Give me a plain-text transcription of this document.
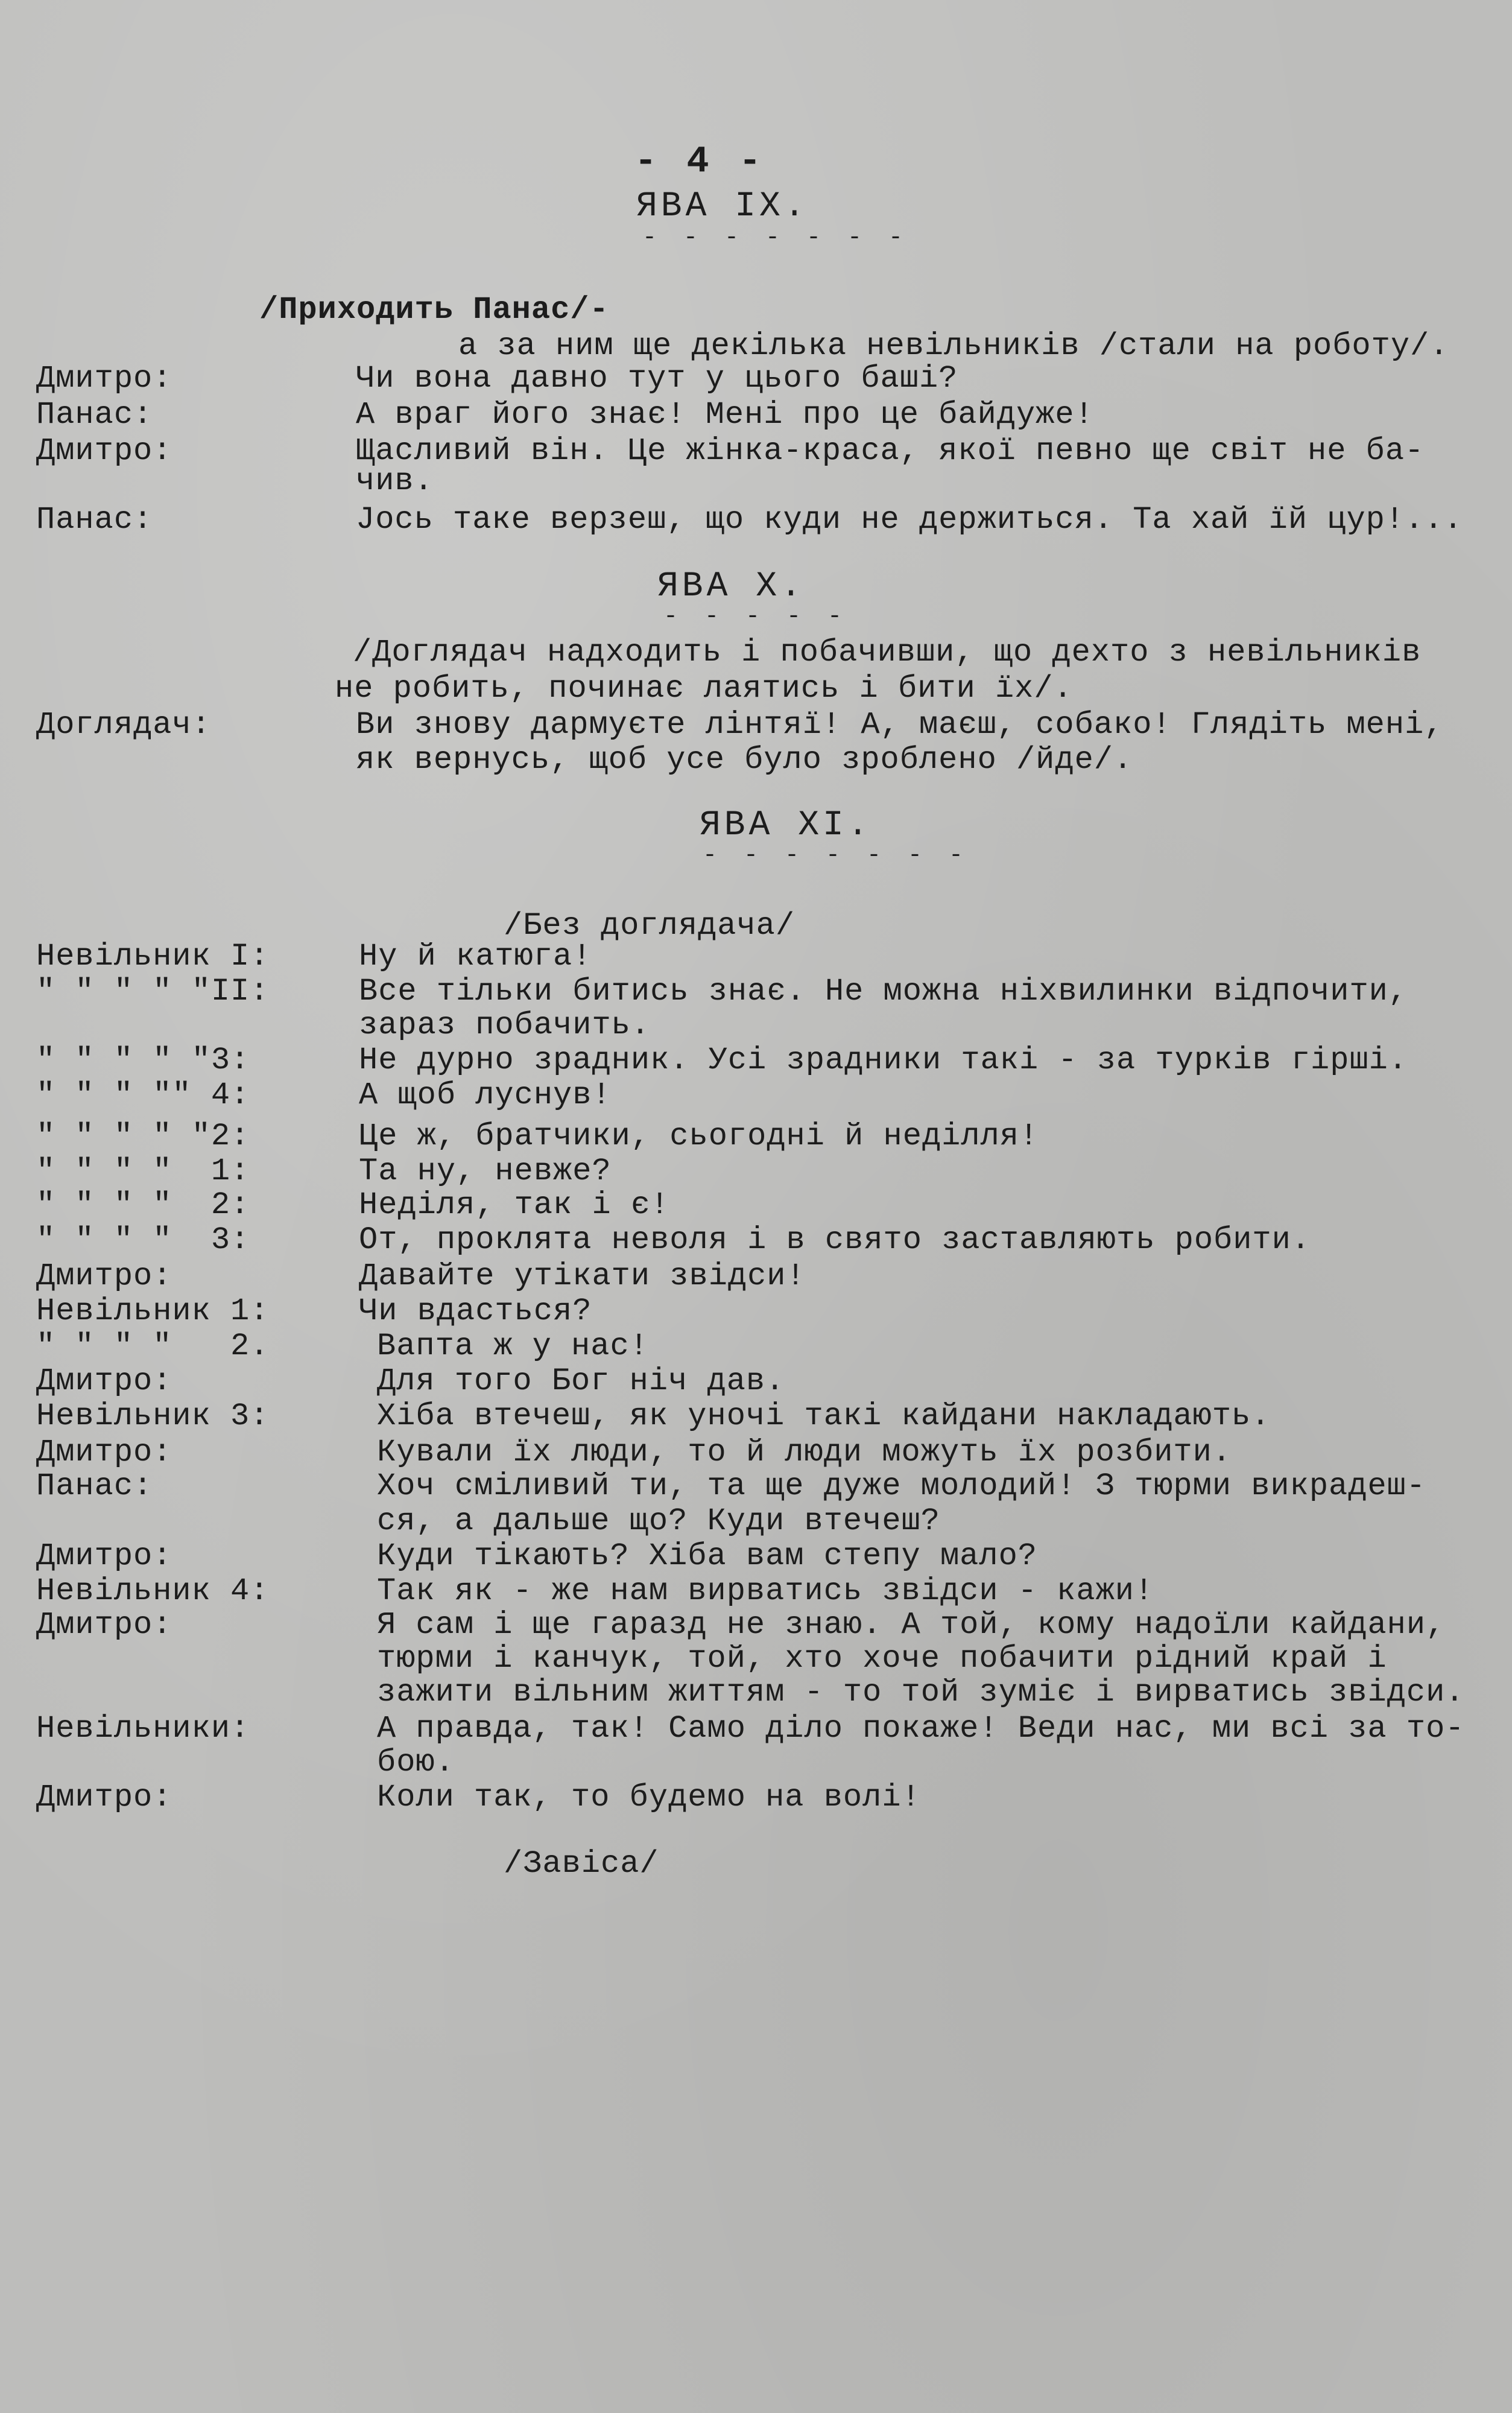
- 4 -
ЯВА IX.
- - - - - - -
/Приходить Панас/-
а за ним ще декілька невільників /стали на роботу/.
Дмитро:	Чи вона давно тут у цього баші?
Панас:	А враг його знає! Мені про це байдуже!
Дмитро:	Щасливий він. Це жінка-краса, якої певно ще світ не ба-
чив.
Панас:	Jось таке верзеш, що куди не держиться. Та хай їй цур!...
ЯВА X.
- - - - -
/Доглядач надходить і побачивши, що дехто з невільників
не робить, починає лаятись і бити їх/.
Доглядач:	Ви знову дармуєте лінтяї! А, маєш, собако! Глядіть мені,
як вернусь, щоб усе було зроблено /йде/.
ЯВА XI.
- - - - - - -
/Без доглядача/
Невільник I:	Ну й катюга!
" " " " "II:	Все тільки битись знає. Не можна ніхвилинки відпочити,
зараз побачить.
" " " " "3:	Не дурно зрадник. Усі зрадники такі - за турків гірші.
" " " "" 4:	А щоб луснув!
" " " " "2:	Це ж, братчики, сьогодні й неділля!
" " " "  1:	Та ну, невже?
" " " "  2:	Неділя, так і є!
" " " "  3:	От, проклята неволя і в свято заставляють робити.
Дмитро:	Давайте утікати звідси!
Невільник 1:	Чи вдасться?
" " " "   2.	Вапта ж у нас!
Дмитро:	Для того Бог ніч дав.
Невільник 3:	Хіба втечеш, як уночі такі кайдани накладають.
Дмитро:	Кували їх люди, то й люди можуть їх розбити.
Панас:	Хоч сміливий ти, та ще дуже молодий! З тюрми викрадеш-
ся, а дальше що? Куди втечеш?
Дмитро:	Куди тікають? Хіба вам степу мало?
Невільник 4:	Так як - же нам вирватись звідси - кажи!
Дмитро:	Я сам і ще гаразд не знаю. А той, кому надоїли кайдани,
тюрми і канчук, той, хто хоче побачити рідний край і
зажити вільним життям - то той зуміє і вирватись звідси.
Невільники:	А правда, так! Само діло покаже! Веди нас, ми всі за то-
бою.
Дмитро:	Коли так, то будемо на волі!
/Завіса/
